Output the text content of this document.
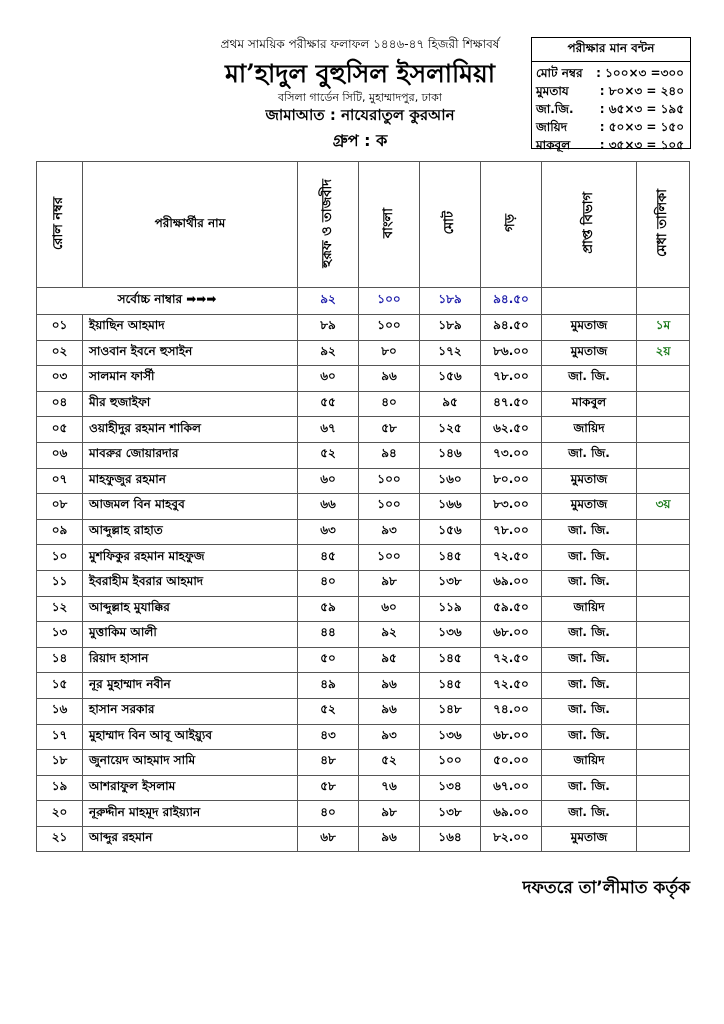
প্রথম সাময়িক পরীক্ষার ফলাফল ১৪৪৬-৪৭ হিজরী শিক্ষাবর্ষ
মা’হাদুল বুহুসিল ইসলামিয়া
বসিলা গার্ডেন সিটি, মুহাম্মাদপুর, ঢাকা
জামাআত : নাযেরাতুল কুরআন
গ্রুপ : ক
পরীক্ষার মান বন্টন
মোট নম্বর	: ১০০×৩ =৩০০
মুমতায	: ৮০×৩ = ২৪০
জা.জি.	: ৬৫×৩ = ১৯৫
জায়িদ	: ৫০×৩ = ১৫০
মাকবূল	: ৩৫×৩ = ১০৫
রোল নম্বর	পরীক্ষার্থীর নাম	হুরূফ ও তাজবীদ	বাংলা	মোট	গড়	প্রাপ্ত বিভাগ	মেধা তালিকা
সর্বোচ্চ নাম্বার ➡➡➡		৯২	১০০	১৮৯	৯৪.৫০		
০১	ইয়াছিন আহমাদ	৮৯	১০০	১৮৯	৯৪.৫০	মুমতাজ	১ম
০২	সাওবান ইবনে হুসাইন	৯২	৮০	১৭২	৮৬.০০	মুমতাজ	২য়
০৩	সালমান ফার্সী	৬০	৯৬	১৫৬	৭৮.০০	জা. জি.	
০৪	মীর হুজাইফা	৫৫	৪০	৯৫	৪৭.৫০	মাকবুল	
০৫	ওয়াহীদুর রহমান শাকিল	৬৭	৫৮	১২৫	৬২.৫০	জায়িদ	
০৬	মাবরুর জোয়ারদার	৫২	৯৪	১৪৬	৭৩.০০	জা. জি.	
০৭	মাহফুজুর রহমান	৬০	১০০	১৬০	৮০.০০	মুমতাজ	
০৮	আজমল বিন মাহবুব	৬৬	১০০	১৬৬	৮৩.০০	মুমতাজ	৩য়
০৯	আব্দুল্লাহ রাহাত	৬৩	৯৩	১৫৬	৭৮.০০	জা. জি.	
১০	মুশফিকুর রহমান মাহফুজ	৪৫	১০০	১৪৫	৭২.৫০	জা. জি.	
১১	ইবরাহীম ইবরার আহমাদ	৪০	৯৮	১৩৮	৬৯.০০	জা. জি.	
১২	আব্দুল্লাহ মুযাক্কির	৫৯	৬০	১১৯	৫৯.৫০	জায়িদ	
১৩	মুত্তাকিম আলী	৪৪	৯২	১৩৬	৬৮.০০	জা. জি.	
১৪	রিয়াদ হাসান	৫০	৯৫	১৪৫	৭২.৫০	জা. জি.	
১৫	নূর মুহাম্মাদ নবীন	৪৯	৯৬	১৪৫	৭২.৫০	জা. জি.	
১৬	হাসান সরকার	৫২	৯৬	১৪৮	৭৪.০০	জা. জি.	
১৭	মুহাম্মাদ বিন আবূ আইয়্যুব	৪৩	৯৩	১৩৬	৬৮.০০	জা. জি.	
১৮	জুনায়েদ আহমাদ সামি	৪৮	৫২	১০০	৫০.০০	জায়িদ	
১৯	আশরাফুল ইসলাম	৫৮	৭৬	১৩৪	৬৭.০০	জা. জি.	
২০	নূরুদ্দীন মাহমূদ রাইয়্যান	৪০	৯৮	১৩৮	৬৯.০০	জা. জি.	
২১	আব্দুর রহমান	৬৮	৯৬	১৬৪	৮২.০০	মুমতাজ	
দফতরে তা’লীমাত কর্তৃক
